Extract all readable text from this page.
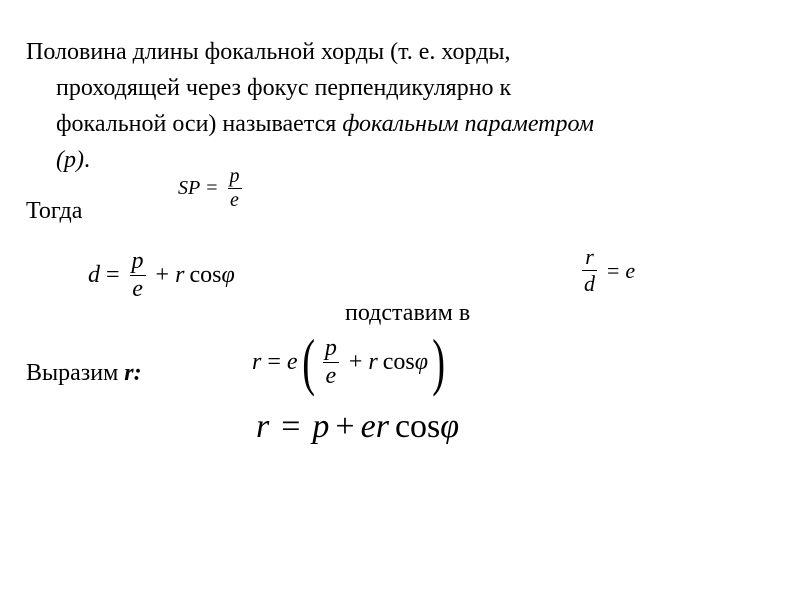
Половина длины фокальной хорды (т. е. хорды,
проходящей через фокус перпендикулярно к
фокальной оси) называется фокальным параметром
(p).
SP = $\frac{p}{e}$
Тогда
$d = \frac{p}{e} + r$ cos φ	$\frac{r}{d} = e$
подставим в
r = e ( $\frac{p}{e} + r$ cos φ )
Выразим r:
r = p + er cos φ
